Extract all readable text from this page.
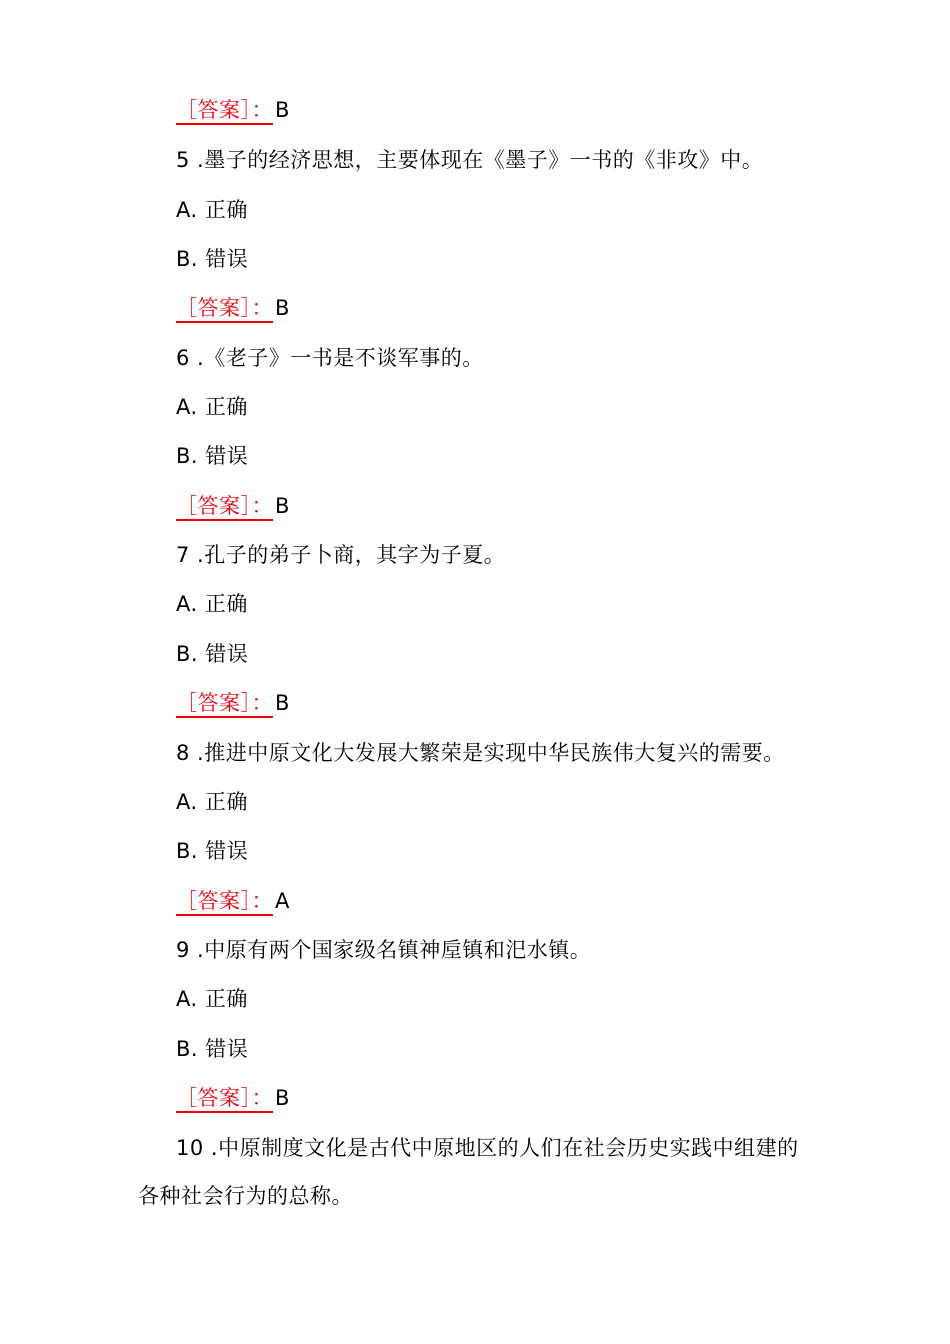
［答案］：B
5 .墨子的经济思想，主要体现在《墨子》一书的《非攻》中。
A. 正确
B. 错误
［答案］：B
6 .《老子》一书是不谈军事的。
A. 正确
B. 错误
［答案］：B
7 .孔子的弟子卜商，其字为子夏。
A. 正确
B. 错误
［答案］：B
8 .推进中原文化大发展大繁荣是实现中华民族伟大复兴的需要。
A. 正确
B. 错误
［答案］：A
9 .中原有两个国家级名镇神垕镇和汜水镇。
A. 正确
B. 错误
［答案］：B
10 .中原制度文化是古代中原地区的人们在社会历史实践中组建的各种社会行为的总称。
